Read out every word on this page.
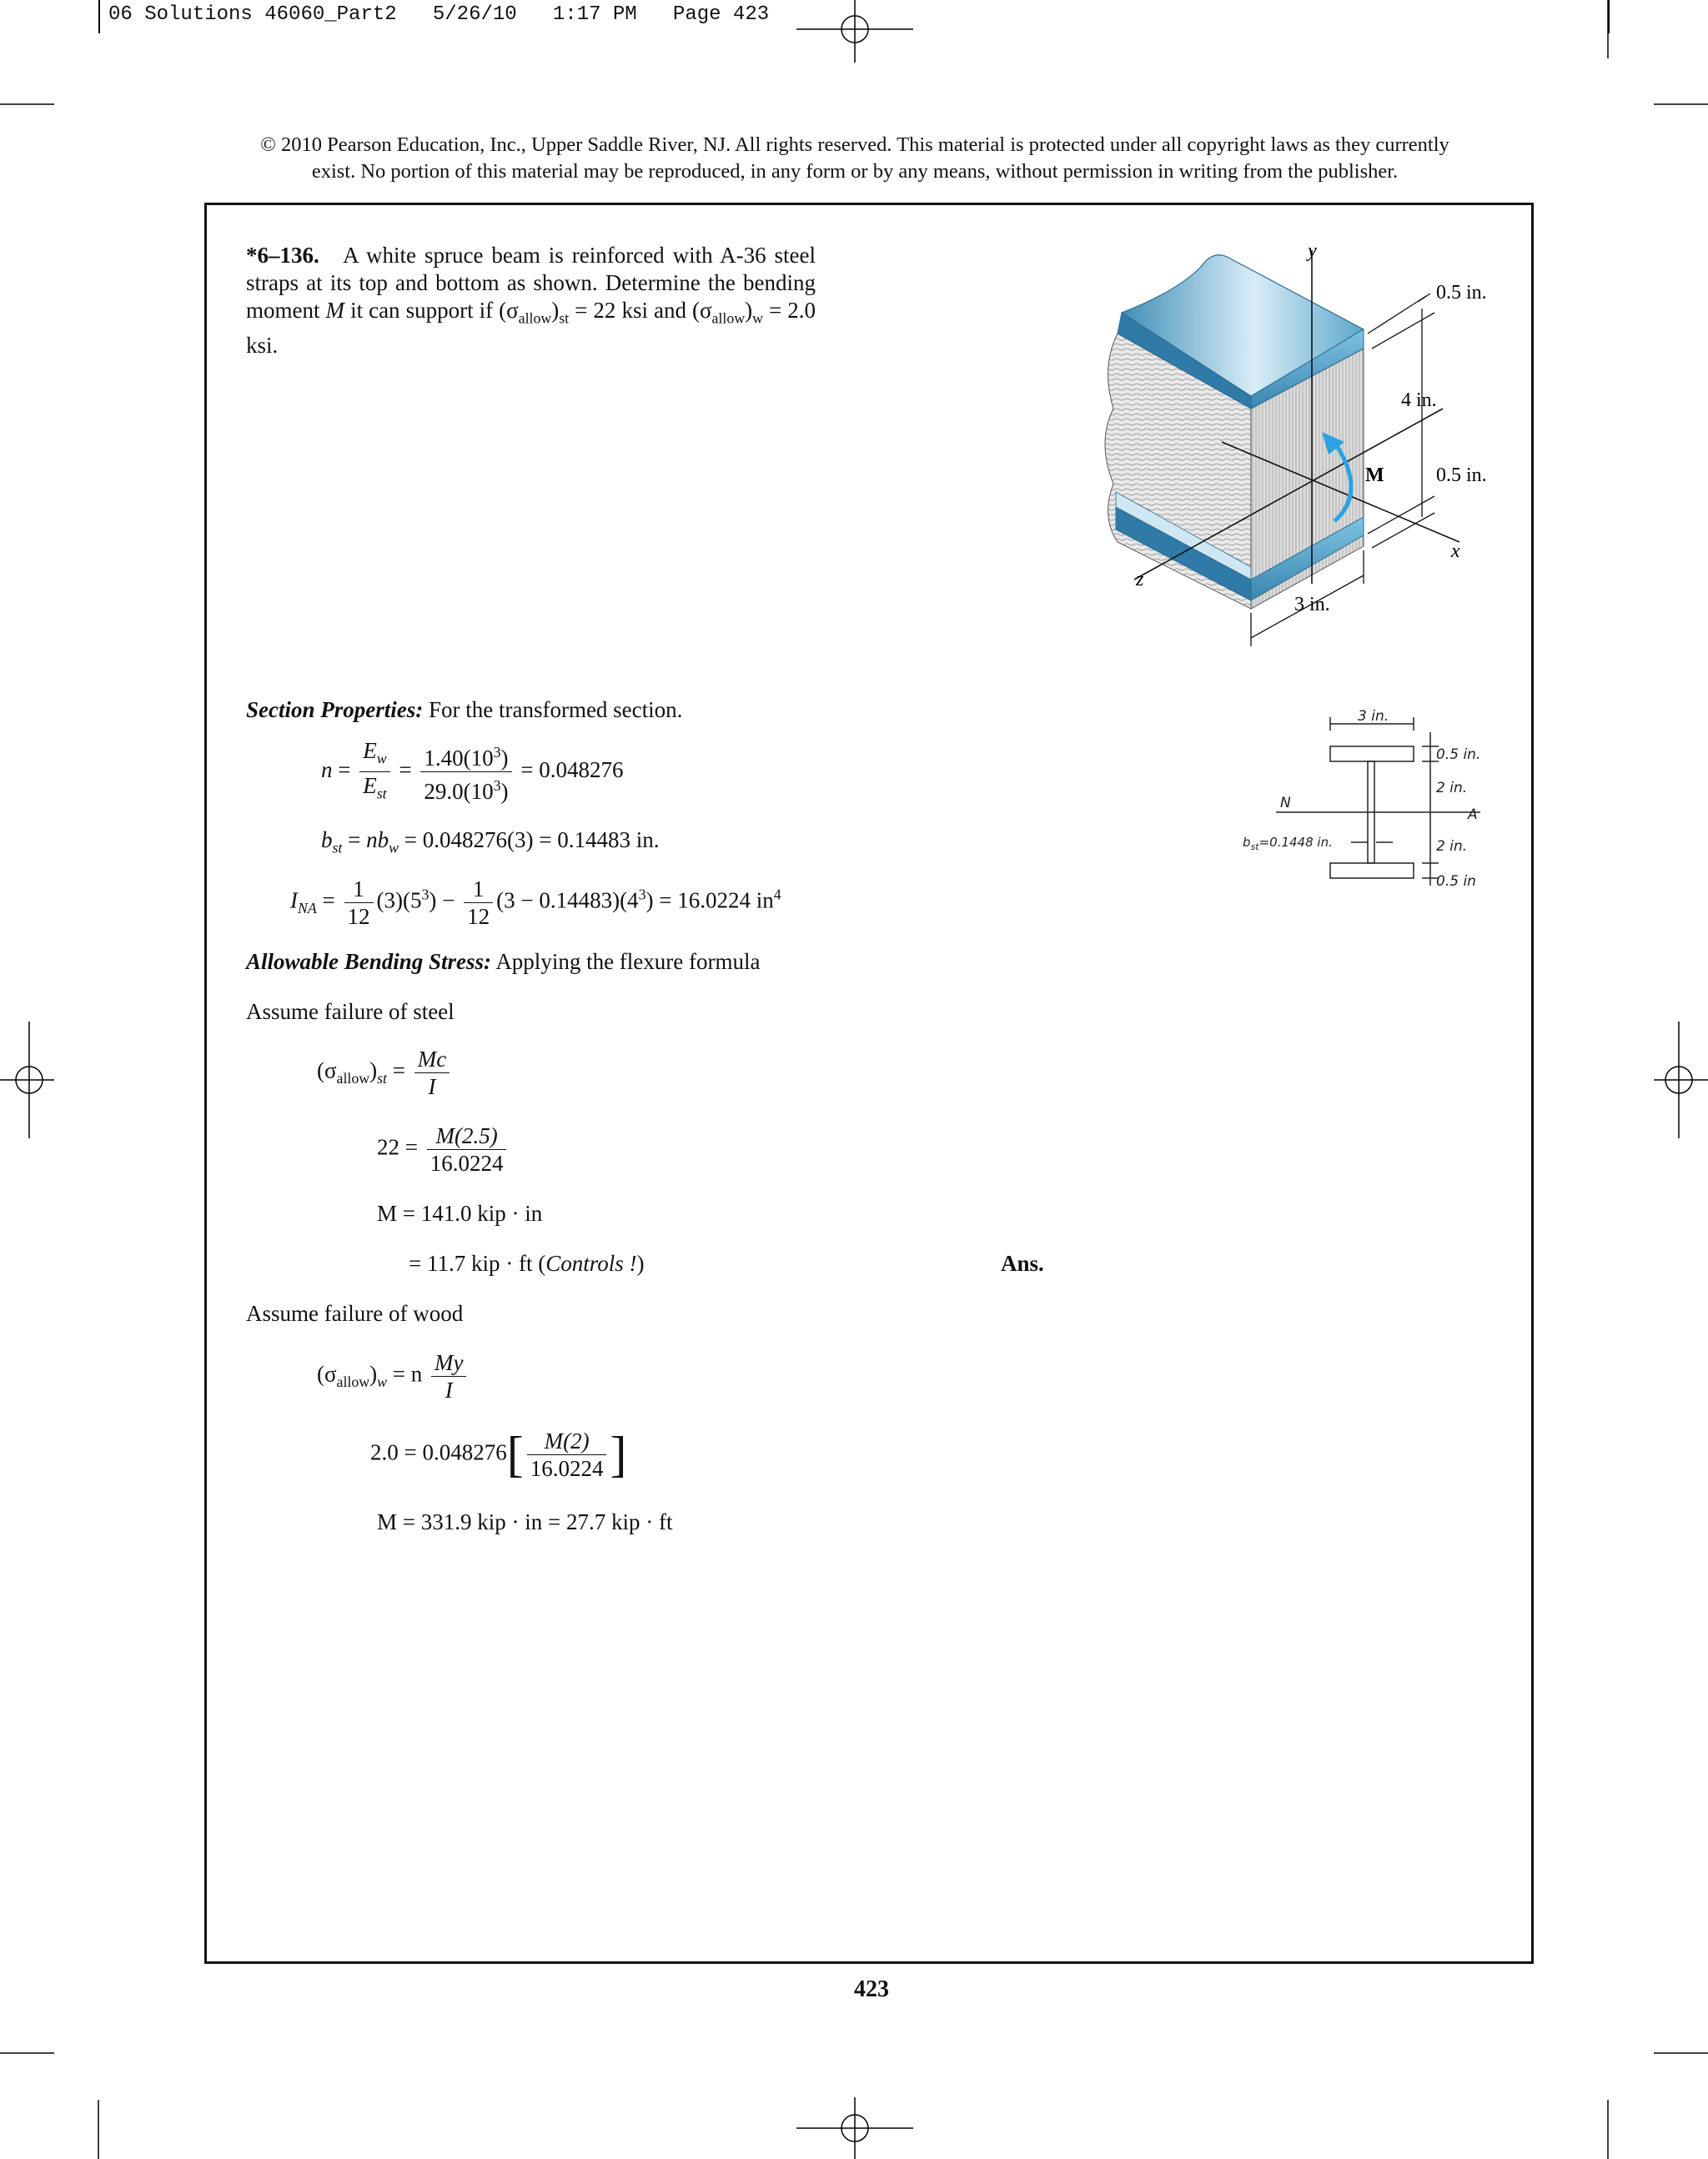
06 Solutions 46060_Part2   5/26/10   1:17 PM   Page 423
© 2010 Pearson Education, Inc., Upper Saddle River, NJ. All rights reserved. This material is protected under all copyright laws as they currently
exist. No portion of this material may be reproduced, in any form or by any means, without permission in writing from the publisher.
*6–136. A white spruce beam is reinforced with A-36 steel straps at its top and bottom as shown. Determine the bending moment M it can support if $(\sigma_{allow})_{st} = 22$ ksi and $(\sigma_{allow})_w = 2.0$ ksi.
y
x
z
M
0.5 in.
4 in.
0.5 in.
3 in.
3 in.
0.5 in.
2 in.
2 in.
0.5 in
N
A
$b_{st}=0.1448$ in.
Section Properties: For the transformed section.
$n = \frac{E_w}{E_{st}} = \frac{1.40(10^3)}{29.0(10^3)} = 0.048276$
$b_{st} = nb_w = 0.048276(3) = 0.14483$ in.
$I_{NA} = \frac{1}{12} (3)(5^3) - \frac{1}{12} (3 - 0.14483)(4^3) = 16.0224$ $in^4$
Allowable Bending Stress: Applying the flexure formula
Assume failure of steel
$(\sigma_{allow})_{st} = \frac{Mc}{I}$
$22 = \frac{M(2.5)}{16.0224}$
M = 141.0 kip · in
= 11.7 kip · ft (Controls !)	Ans.
Assume failure of wood
$(\sigma_{allow})_w = n \frac{My}{I}$
$2.0 = 0.048276[ \frac{M(2)}{16.0224}$ ]
M = 331.9 kip · in = 27.7 kip · ft
423
